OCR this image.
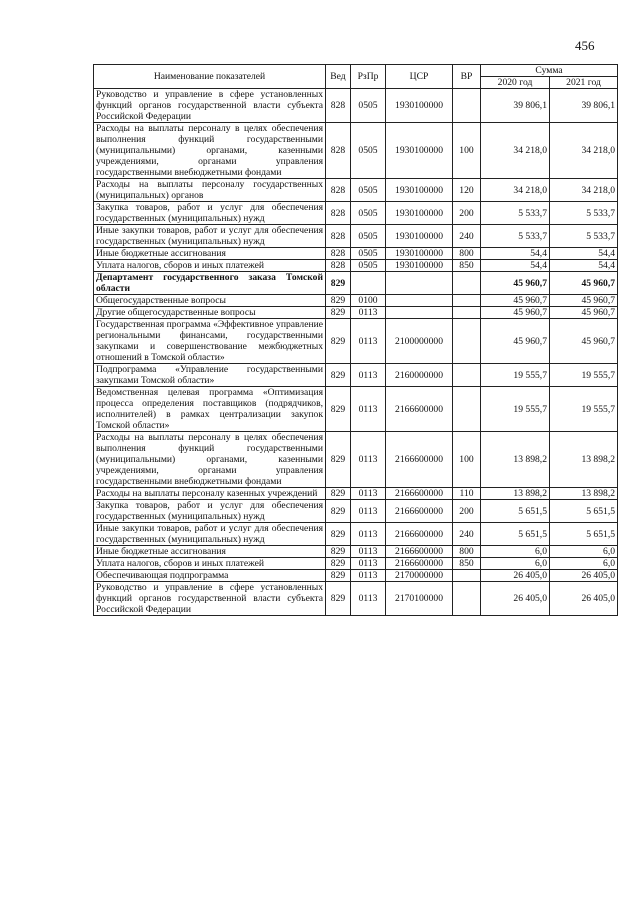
456
Наименование показателей	Вед	РзПр	ЦСР	ВР	Сумма	
					2020 год	2021 год
Руководство и управление в сфере установленных функций органов государственной власти субъекта Российской Федерации	828	0505	1930100000		39 806,1	39 806,1
Расходы на выплаты персоналу в целях обеспечения выполнения функций государственными (муниципальными) органами, казенными учреждениями, органами управления государственными внебюджетными фондами	828	0505	1930100000	100	34 218,0	34 218,0
Расходы на выплаты персоналу государственных (муниципальных) органов	828	0505	1930100000	120	34 218,0	34 218,0
Закупка товаров, работ и услуг для обеспечения государственных (муниципальных) нужд	828	0505	1930100000	200	5 533,7	5 533,7
Иные закупки товаров, работ и услуг для обеспечения государственных (муниципальных) нужд	828	0505	1930100000	240	5 533,7	5 533,7
Иные бюджетные ассигнования	828	0505	1930100000	800	54,4	54,4
Уплата налогов, сборов и иных платежей	828	0505	1930100000	850	54,4	54,4
Департамент государственного заказа Томской области	829				45 960,7	45 960,7
Общегосударственные вопросы	829	0100			45 960,7	45 960,7
Другие общегосударственные вопросы	829	0113			45 960,7	45 960,7
Государственная программа «Эффективное управление региональными финансами, государственными закупками и совершенствование межбюджетных отношений в Томской области»	829	0113	2100000000		45 960,7	45 960,7
Подпрограмма «Управление государственными закупками Томской области»	829	0113	2160000000		19 555,7	19 555,7
Ведомственная целевая программа «Оптимизация процесса определения поставщиков (подрядчиков, исполнителей) в рамках централизации закупок Томской области»	829	0113	2166600000		19 555,7	19 555,7
Расходы на выплаты персоналу в целях обеспечения выполнения функций государственными (муниципальными) органами, казенными учреждениями, органами управления государственными внебюджетными фондами	829	0113	2166600000	100	13 898,2	13 898,2
Расходы на выплаты персоналу казенных учреждений	829	0113	2166600000	110	13 898,2	13 898,2
Закупка товаров, работ и услуг для обеспечения государственных (муниципальных) нужд	829	0113	2166600000	200	5 651,5	5 651,5
Иные закупки товаров, работ и услуг для обеспечения государственных (муниципальных) нужд	829	0113	2166600000	240	5 651,5	5 651,5
Иные бюджетные ассигнования	829	0113	2166600000	800	6,0	6,0
Уплата налогов, сборов и иных платежей	829	0113	2166600000	850	6,0	6,0
Обеспечивающая подпрограмма	829	0113	2170000000		26 405,0	26 405,0
Руководство и управление в сфере установленных функций органов государственной власти субъекта Российской Федерации	829	0113	2170100000		26 405,0	26 405,0
